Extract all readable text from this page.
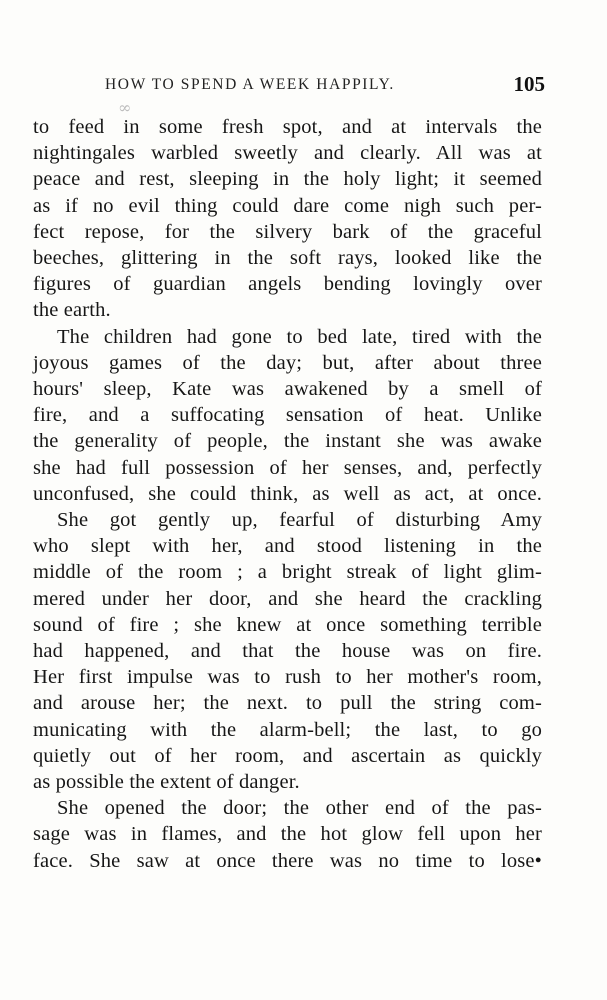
HOW TO SPEND A WEEK HAPPILY.	105
∞
to feed in some fresh spot, and at intervals the
nightingales warbled sweetly and clearly. All was at
peace and rest, sleeping in the holy light; it seemed
as if no evil thing could dare come nigh such per-
fect repose, for the silvery bark of the graceful
beeches, glittering in the soft rays, looked like the
figures of guardian angels bending lovingly over
the earth.
The children had gone to bed late, tired with the
joyous games of the day; but, after about three
hours' sleep, Kate was awakened by a smell of
fire, and a suffocating sensation of heat. Unlike
the generality of people, the instant she was awake
she had full possession of her senses, and, perfectly
unconfused, she could think, as well as act, at once.
She got gently up, fearful of disturbing Amy
who slept with her, and stood listening in the
middle of the room ; a bright streak of light glim-
mered under her door, and she heard the crackling
sound of fire ; she knew at once something terrible
had happened, and that the house was on fire.
Her first impulse was to rush to her mother's room,
and arouse her; the next. to pull the string com-
municating with the alarm-bell; the last, to go
quietly out of her room, and ascertain as quickly
as possible the extent of danger.
She opened the door; the other end of the pas-
sage was in flames, and the hot glow fell upon her
face. She saw at once there was no time to lose•
